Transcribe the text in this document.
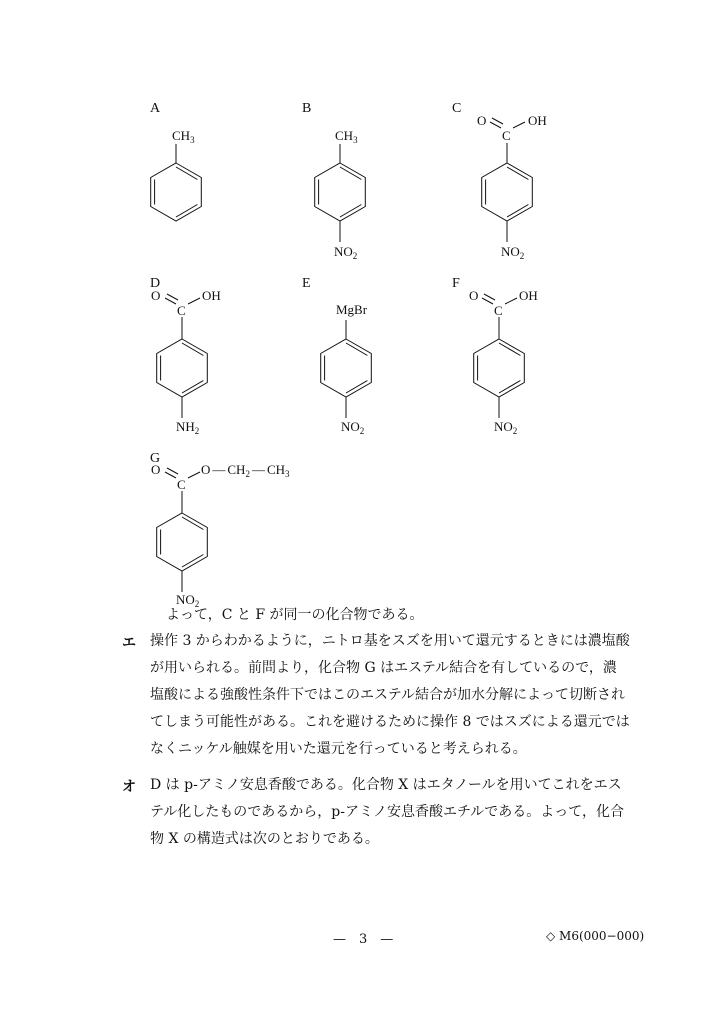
A	B	C
D	E	F
G
$CH_3$	$CH_3$
$NO_2$
O	OH
C
$NO_2$
O	OH
C
$NH_2$
MgBr
$NO_2$
O	OH
C
$NO_2$
O
C
O — $CH_2$ — $CH_3$
$NO_2$
よって，C と F が同一の化合物である。
エ 操作 3 からわかるように，ニトロ基をスズを用いて還元するときには濃塩酸
が用いられる。前問より，化合物 G はエステル結合を有しているので，濃
塩酸による強酸性条件下ではこのエステル結合が加水分解によって切断され
てしまう可能性がある。これを避けるために操作 8 ではスズによる還元では
なくニッケル触媒を用いた還元を行っていると考えられる。
オ D は p-アミノ安息香酸である。化合物 X はエタノールを用いてこれをエス
テル化したものであるから，p-アミノ安息香酸エチルである。よって，化合
物 X の構造式は次のとおりである。
—　3　—	◇ M6(000−000)
